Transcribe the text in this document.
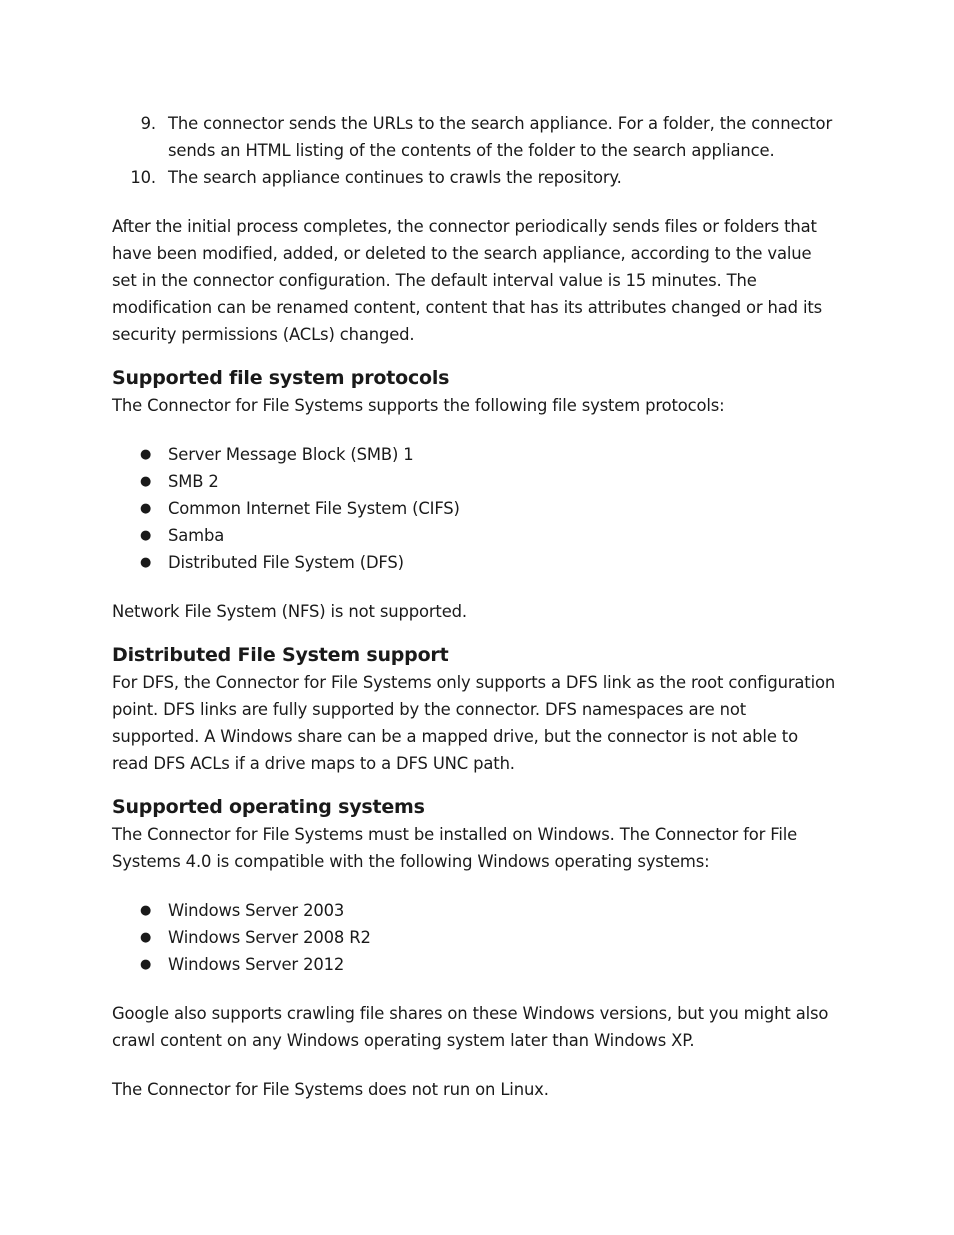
9. The connector sends the URLs to the search appliance. For a folder, the connector sends an HTML listing of the contents of the folder to the search appliance.
10. The search appliance continues to crawls the repository.

After the initial process completes, the connector periodically sends files or folders that have been modified, added, or deleted to the search appliance, according to the value set in the connector configuration. The default interval value is 15 minutes. The modification can be renamed content, content that has its attributes changed or had its security permissions (ACLs) changed.

Supported file system protocols

The Connector for File Systems supports the following file system protocols:

● Server Message Block (SMB) 1
● SMB 2
● Common Internet File System (CIFS)
● Samba
● Distributed File System (DFS)

Network File System (NFS) is not supported.

Distributed File System support

For DFS, the Connector for File Systems only supports a DFS link as the root configuration point. DFS links are fully supported by the connector. DFS namespaces are not supported. A Windows share can be a mapped drive, but the connector is not able to read DFS ACLs if a drive maps to a DFS UNC path.

Supported operating systems

The Connector for File Systems must be installed on Windows. The Connector for File Systems 4.0 is compatible with the following Windows operating systems:

● Windows Server 2003
● Windows Server 2008 R2
● Windows Server 2012

Google also supports crawling file shares on these Windows versions, but you might also crawl content on any Windows operating system later than Windows XP.

The Connector for File Systems does not run on Linux.
